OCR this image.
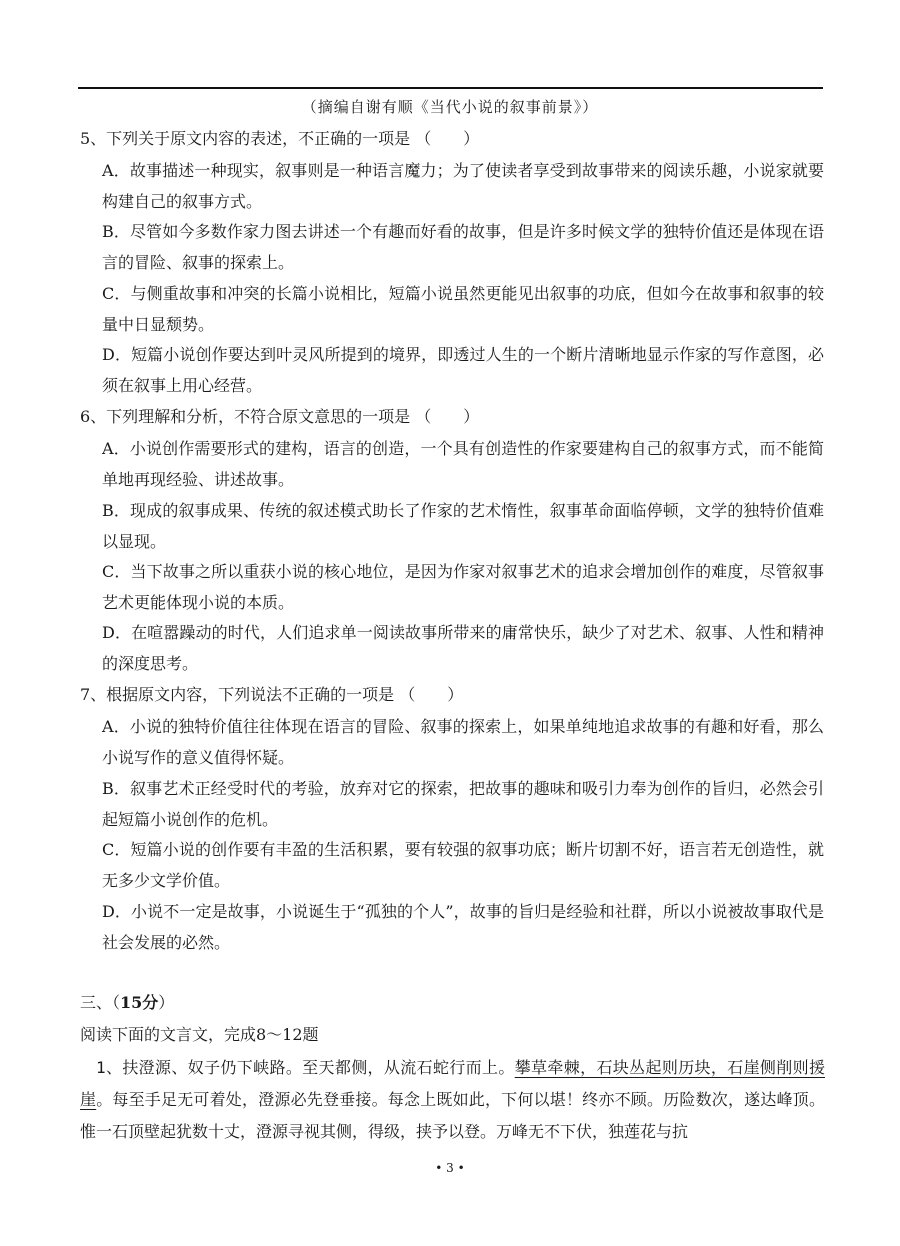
（摘编自谢有顺《当代小说的叙事前景》）
5、下列关于原文内容的表述，不正确的一项是 （　　）
A．故事描述一种现实，叙事则是一种语言魔力；为了使读者享受到故事带来的阅读乐趣，小说家就要构建自己的叙事方式。
B．尽管如今多数作家力图去讲述一个有趣而好看的故事，但是许多时候文学的独特价值还是体现在语言的冒险、叙事的探索上。
C．与侧重故事和冲突的长篇小说相比，短篇小说虽然更能见出叙事的功底，但如今在故事和叙事的较量中日显颓势。
D．短篇小说创作要达到叶灵风所提到的境界，即透过人生的一个断片清晰地显示作家的写作意图，必须在叙事上用心经营。
6、下列理解和分析，不符合原文意思的一项是 （　　）
A．小说创作需要形式的建构，语言的创造，一个具有创造性的作家要建构自己的叙事方式，而不能简单地再现经验、讲述故事。
B．现成的叙事成果、传统的叙述模式助长了作家的艺术惰性，叙事革命面临停顿，文学的独特价值难以显现。
C．当下故事之所以重获小说的核心地位，是因为作家对叙事艺术的追求会增加创作的难度，尽管叙事艺术更能体现小说的本质。
D．在喧嚣躁动的时代，人们追求单一阅读故事所带来的庸常快乐，缺少了对艺术、叙事、人性和精神的深度思考。
7、根据原文内容，下列说法不正确的一项是 （　　）
A．小说的独特价值往往体现在语言的冒险、叙事的探索上，如果单纯地追求故事的有趣和好看，那么小说写作的意义值得怀疑。
B．叙事艺术正经受时代的考验，放弃对它的探索，把故事的趣味和吸引力奉为创作的旨归，必然会引起短篇小说创作的危机。
C．短篇小说的创作要有丰盈的生活积累，要有较强的叙事功底；断片切割不好，语言若无创造性，就无多少文学价值。
D．小说不一定是故事，小说诞生于“孤独的个人”，故事的旨归是经验和社群，所以小说被故事取代是社会发展的必然。
三、（15分）
阅读下面的文言文，完成8～12题
1、扶澄源、奴子仍下峡路。至天都侧，从流石蛇行而上。攀草牵棘，石块丛起则历块，石崖侧削则援崖。每至手足无可着处，澄源必先登垂接。每念上既如此，下何以堪！终亦不顾。历险数次，遂达峰顶。惟一石顶壁起犹数十丈，澄源寻视其侧，得级，挟予以登。万峰无不下伏，独莲花与抗
• 3 •
